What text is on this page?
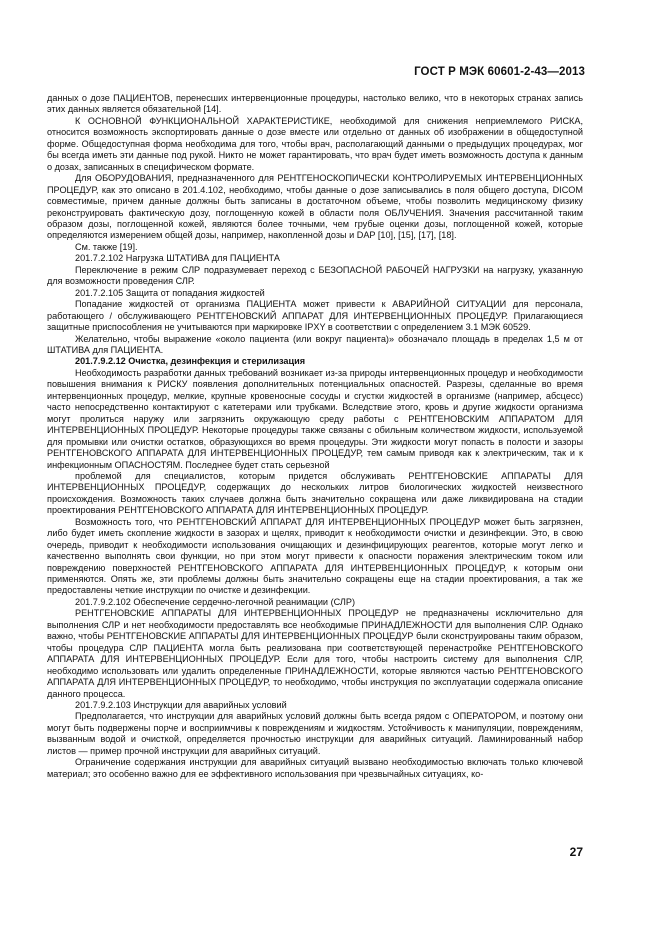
ГОСТ Р МЭК 60601-2-43—2013

данных о дозе ПАЦИЕНТОВ, перенесших интервенционные процедуры, настолько велико, что в некоторых странах запись этих данных является обязательной [14].

К ОСНОВНОЙ ФУНКЦИОНАЛЬНОЙ ХАРАКТЕРИСТИКЕ, необходимой для снижения неприемлемого РИСКА, относится возможность экспортировать данные о дозе вместе или отдельно от данных об изображении в общедоступной форме. Общедоступная форма необходима для того, чтобы врач, располагающий данными о предыдущих процедурах, мог бы всегда иметь эти данные под рукой. Никто не может гарантировать, что врач будет иметь возможность доступа к данным о дозах, записанных в специфическом формате.

Для ОБОРУДОВАНИЯ, предназначенного для РЕНТГЕНОСКОПИЧЕСКИ КОНТРОЛИРУЕМЫХ ИНТЕРВЕНЦИОННЫХ ПРОЦЕДУР, как это описано в 201.4.102, необходимо, чтобы данные о дозе записывались в поля общего доступа, DICOM совместимые, причем данные должны быть записаны в достаточном объеме, чтобы позволить медицинскому физику реконструировать фактическую дозу, поглощенную кожей в области поля ОБЛУЧЕНИЯ. Значения рассчитанной таким образом дозы, поглощенной кожей, являются более точными, чем грубые оценки дозы, поглощенной кожей, которые определяются измерением общей дозы, например, накопленной дозы и DAP [10], [15], [17], [18].

См. также [19].

201.7.2.102 Нагрузка ШТАТИВА для ПАЦИЕНТА

Переключение в режим СЛР подразумевает переход с БЕЗОПАСНОЙ РАБОЧЕЙ НАГРУЗКИ на нагрузку, указанную для возможности проведения СЛР.

201.7.2.105 Защита от попадания жидкостей

Попадание жидкостей от организма ПАЦИЕНТА может привести к АВАРИЙНОЙ СИТУАЦИИ для персонала, работающего / обслуживающего РЕНТГЕНОВСКИЙ АППАРАТ ДЛЯ ИНТЕРВЕНЦИОННЫХ ПРОЦЕДУР. Прилагающиеся защитные приспособления не учитываются при маркировке IPXY в соответствии с определением 3.1 МЭК 60529.

Желательно, чтобы выражение «около пациента (или вокруг пациента)» обозначало площадь в пределах 1,5 м от ШТАТИВА для ПАЦИЕНТА.

201.7.9.2.12 Очистка, дезинфекция и стерилизация

Необходимость разработки данных требований возникает из-за природы интервенционных процедур и необходимости повышения внимания к РИСКУ появления дополнительных потенциальных опасностей. Разрезы, сделанные во время интервенционных процедур, мелкие, крупные кровеносные сосуды и сгустки жидкостей в организме (например, абсцесс) часто непосредственно контактируют с катетерами или трубками. Вследствие этого, кровь и другие жидкости организма могут пролиться наружу или загрязнить окружающую среду работы с РЕНТГЕНОВСКИМ АППАРАТОМ ДЛЯ ИНТЕРВЕНЦИОННЫХ ПРОЦЕДУР. Некоторые процедуры также связаны с обильным количеством жидкости, используемой для промывки или очистки остатков, образующихся во время процедуры. Эти жидкости могут попасть в полости и зазоры РЕНТГЕНОВСКОГО АППАРАТА ДЛЯ ИНТЕРВЕНЦИОННЫХ ПРОЦЕДУР, тем самым приводя как к электрическим, так и к инфекционным ОПАСНОСТЯМ. Последнее будет стать серьезной

проблемой для специалистов, которым придется обслуживать РЕНТГЕНОВСКИЕ АППАРАТЫ ДЛЯ ИНТЕРВЕНЦИОННЫХ ПРОЦЕДУР, содержащих до нескольких литров биологических жидкостей неизвестного происхождения. Возможность таких случаев должна быть значительно сокращена или даже ликвидирована на стадии проектирования РЕНТГЕНОВСКОГО АППАРАТА ДЛЯ ИНТЕРВЕНЦИОННЫХ ПРОЦЕДУР.

Возможность того, что РЕНТГЕНОВСКИЙ АППАРАТ ДЛЯ ИНТЕРВЕНЦИОННЫХ ПРОЦЕДУР может быть загрязнен, либо будет иметь скопление жидкости в зазорах и щелях, приводит к необходимости очистки и дезинфекции. Это, в свою очередь, приводит к необходимости использования очищающих и дезинфицирующих реагентов, которые могут легко и качественно выполнять свои функции, но при этом могут привести к опасности поражения электрическим током или повреждению поверхностей РЕНТГЕНОВСКОГО АППАРАТА ДЛЯ ИНТЕРВЕНЦИОННЫХ ПРОЦЕДУР, к которым они применяются. Опять же, эти проблемы должны быть значительно сокращены еще на стадии проектирования, а так же предоставлены четкие инструкции по очистке и дезинфекции.

201.7.9.2.102 Обеспечение сердечно-легочной реанимации (СЛР)

РЕНТГЕНОВСКИЕ АППАРАТЫ ДЛЯ ИНТЕРВЕНЦИОННЫХ ПРОЦЕДУР не предназначены исключительно для выполнения СЛР и нет необходимости предоставлять все необходимые ПРИНАДЛЕЖНОСТИ для выполнения СЛР. Однако важно, чтобы РЕНТГЕНОВСКИЕ АППАРАТЫ ДЛЯ ИНТЕРВЕНЦИОННЫХ ПРОЦЕДУР были сконструированы таким образом, чтобы процедура СЛР ПАЦИЕНТА могла быть реализована при соответствующей перенастройке РЕНТГЕНОВСКОГО АППАРАТА ДЛЯ ИНТЕРВЕНЦИОННЫХ ПРОЦЕДУР. Если для того, чтобы настроить систему для выполнения СЛР, необходимо использовать или удалить определенные ПРИНАДЛЕЖНОСТИ, которые являются частью РЕНТГЕНОВСКОГО АППАРАТА ДЛЯ ИНТЕРВЕНЦИОННЫХ ПРОЦЕДУР, то необходимо, чтобы инструкция по эксплуатации содержала описание данного процесса.

201.7.9.2.103 Инструкции для аварийных условий

Предполагается, что инструкции для аварийных условий должны быть всегда рядом с ОПЕРАТОРОМ, и поэтому они могут быть подвержены порче и восприимчивы к повреждениям и жидкостям. Устойчивость к манипуляции, повреждениям, вызванным водой и очисткой, определяется прочностью инструкции для аварийных ситуаций. Ламинированный набор листов — пример прочной инструкции для аварийных ситуаций.

Ограничение содержания инструкции для аварийных ситуаций вызвано необходимостью включать только ключевой материал; это особенно важно для ее эффективного использования при чрезвычайных ситуациях, ко-

27
